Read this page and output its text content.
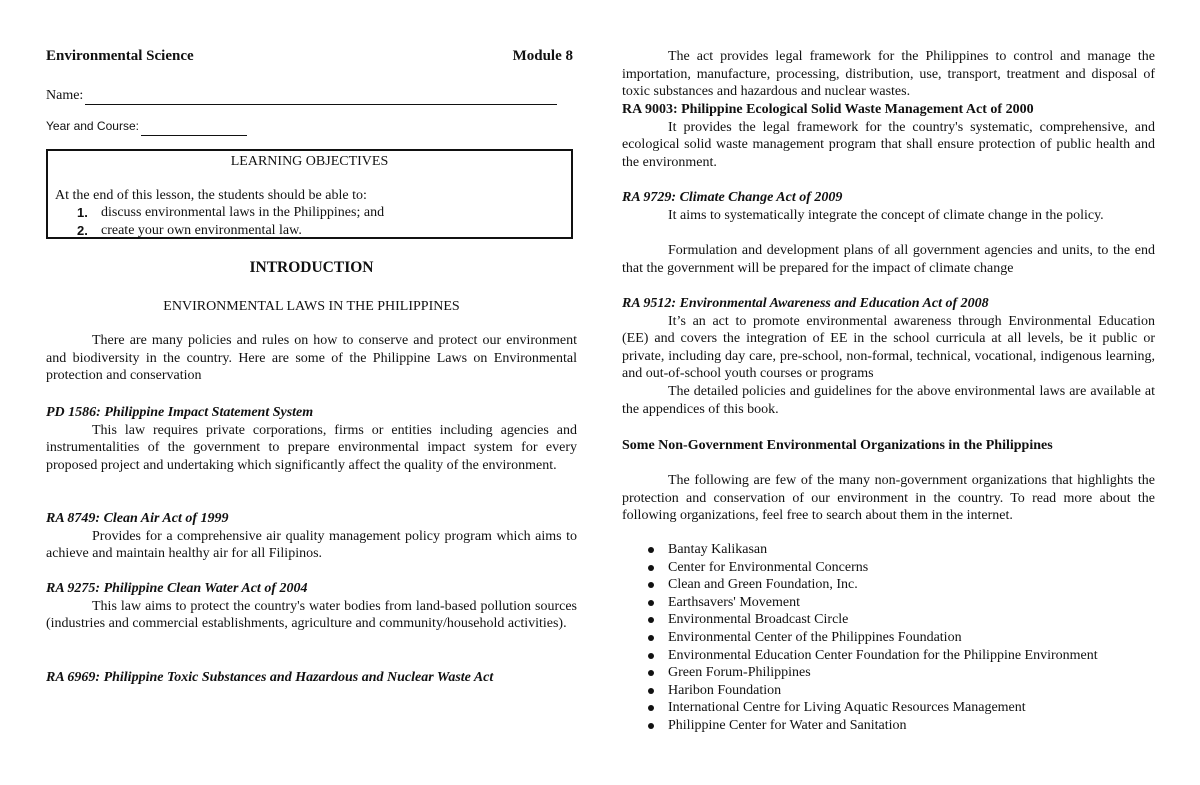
Environmental Science	Module 8
Name:
Year and Course:
LEARNING OBJECTIVES
At the end of this lesson, the students should be able to:
1. discuss environmental laws in the Philippines; and
2. create your own environmental law.
INTRODUCTION
ENVIRONMENTAL LAWS IN THE PHILIPPINES
There are many policies and rules on how to conserve and protect our environment and biodiversity in the country. Here are some of the Philippine Laws on Environmental protection and conservation
PD 1586: Philippine Impact Statement System
This law requires private corporations, firms or entities including agencies and instrumentalities of the government to prepare environmental impact system for every proposed project and undertaking which significantly affect the quality of the environment.
RA 8749: Clean Air Act of 1999
Provides for a comprehensive air quality management policy program which aims to achieve and maintain healthy air for all Filipinos.
RA 9275: Philippine Clean Water Act of 2004
This law aims to protect the country's water bodies from land-based pollution sources (industries and commercial establishments, agriculture and community/household activities).
RA 6969: Philippine Toxic Substances and Hazardous and Nuclear Waste Act
The act provides legal framework for the Philippines to control and manage the importation, manufacture, processing, distribution, use, transport, treatment and disposal of toxic substances and hazardous and nuclear wastes.
RA 9003: Philippine Ecological Solid Waste Management Act of 2000
It provides the legal framework for the country's systematic, comprehensive, and ecological solid waste management program that shall ensure protection of public health and the environment.
RA 9729: Climate Change Act of 2009
It aims to systematically integrate the concept of climate change in the policy.
Formulation and development plans of all government agencies and units, to the end that the government will be prepared for the impact of climate change
RA 9512: Environmental Awareness and Education Act of 2008
It’s an act to promote environmental awareness through Environmental Education (EE) and covers the integration of EE in the school curricula at all levels, be it public or private, including day care, pre-school, non-formal, technical, vocational, indigenous learning, and out-of-school youth courses or programs
The detailed policies and guidelines for the above environmental laws are available at the appendices of this book.
Some Non-Government Environmental Organizations in the Philippines
The following are few of the many non-government organizations that highlights the protection and conservation of our environment in the country. To read more about the following organizations, feel free to search about them in the internet.
Bantay Kalikasan
Center for Environmental Concerns
Clean and Green Foundation, Inc.
Earthsavers' Movement
Environmental Broadcast Circle
Environmental Center of the Philippines Foundation
Environmental Education Center Foundation for the Philippine Environment
Green Forum-Philippines
Haribon Foundation
International Centre for Living Aquatic Resources Management
Philippine Center for Water and Sanitation
